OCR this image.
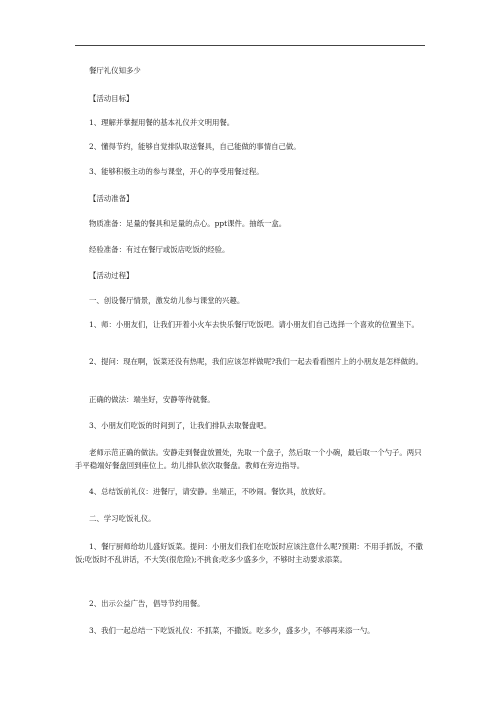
餐厅礼仪知多少

【活动目标】

1、理解并掌握用餐的基本礼仪并文明用餐。

2、懂得节约，能够自觉排队取送餐具，自己能做的事情自己做。

3、能够积极主动的参与课堂，开心的享受用餐过程。

【活动准备】

物质准备：足量的餐具和足量的点心。ppt课件。抽纸一盒。

经验准备：有过在餐厅或饭店吃饭的经验。

【活动过程】

一、创设餐厅情景，激发幼儿参与课堂的兴趣。

1、师：小朋友们，让我们开着小火车去快乐餐厅吃饭吧。请小朋友们自己选择一个喜欢的位置坐下。

2、提问：现在啊，饭菜还没有热呢，我们应该怎样做呢?我们一起去看看图片上的小朋友是怎样做的。

正确的做法：端坐好，安静等待就餐。

3、小朋友们吃饭的时间到了，让我们排队去取餐盘吧。

老师示范正确的做法。安静走到餐盘放置处，先取一个盘子，然后取一个小碗，最后取一个勺子。两只手平稳端好餐盘回到座位上。幼儿排队依次取餐盘。教师在旁边指导。

4、总结饭前礼仪：进餐厅，请安静。坐端正，不吵闹。餐饮具，放放好。

二、学习吃饭礼仪。

1、餐厅厨师给幼儿盛好饭菜。提问：小朋友们我们在吃饭时应该注意什么呢?预期：不用手抓饭，不撒饭;吃饭时不乱讲话，不大笑(很危险);不挑食;吃多少盛多少，不够时主动要求添菜。

2、出示公益广告，倡导节约用餐。

3、我们一起总结一下吃饭礼仪：不抓菜，不撒饭。吃多少，盛多少，不够再来添一勺。
